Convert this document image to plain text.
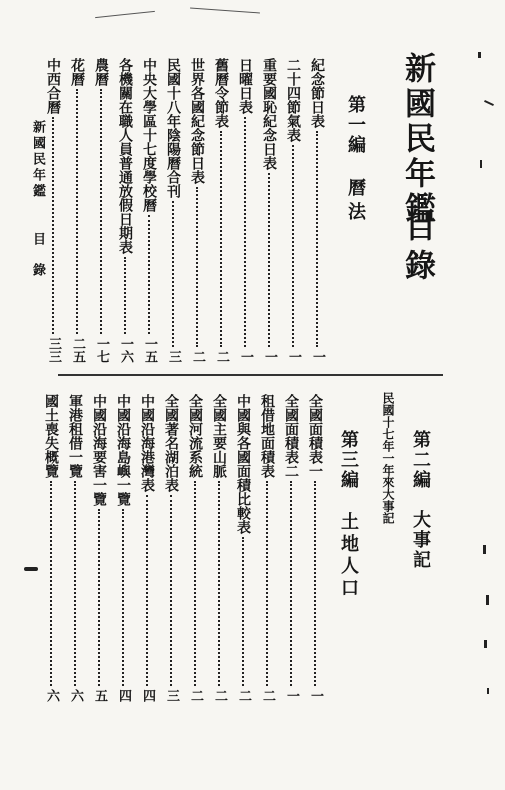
新國民年鑑
目錄
新國民年鑑
目錄
第一編
曆法
第二編
大事記
民國十七年一年來大事記
第三編
土地人口
紀念節日表
一
二十四節氣表
一
重要國恥紀念日表
一
日曜日表
一
舊曆令節表
二
世界各國紀念節日表
二
民國十八年陰陽曆合刊
三
中央大學區十七度學校曆
一五
各機關在職人員普通放假日期表
一六
農曆
一七
花曆
二五
中西合曆
三三
全國面積表一
一
全國面積表二
一
租借地面積表
二
中國與各國面積比較表
二
全國主要山脈
二
全國河流系統
二
全國著名湖泊表
三
中國沿海港灣表
四
中國沿海島嶼一覽
四
中國沿海要害一覽
五
軍港租借一覽
六
國土喪失概覽
六
